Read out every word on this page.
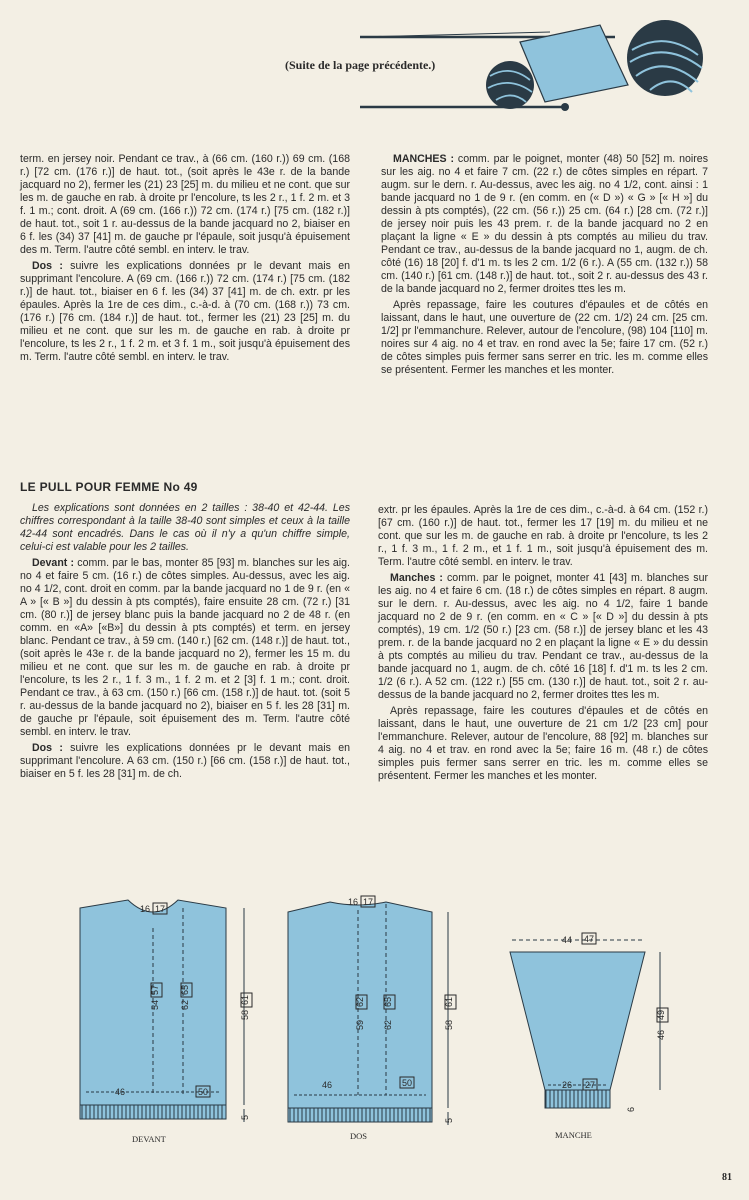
(Suite de la page précédente.)

term. en jersey noir. Pendant ce trav., à (66 cm. (160 r.)) 69 cm. (168 r.) [72 cm. (176 r.)] de haut. tot., (soit après le 43e r. de la bande jacquard no 2), fermer les (21) 23 [25] m. du milieu et ne cont. que sur les m. de gauche en rab. à droite pr l'encolure, ts les 2 r., 1 f. 2 m. et 3 f. 1 m.; cont. droit. A (69 cm. (166 r.)) 72 cm. (174 r.) [75 cm. (182 r.)] de haut. tot., soit 1 r. au-dessus de la bande jacquard no 2, biaiser en 6 f. les (34) 37 [41] m. de gauche pr l'épaule, soit jusqu'à épuisement des m. Term. l'autre côté sembl. en interv. le trav.

Dos : suivre les explications données pr le devant mais en supprimant l'encolure. A (69 cm. (166 r.)) 72 cm. (174 r.) [75 cm. (182 r.)] de haut. tot., biaiser en 6 f. les (34) 37 [41] m. de ch. extr. pr les épaules. Après la 1re de ces dim., c.-à-d. à (70 cm. (168 r.)) 73 cm. (176 r.) [76 cm. (184 r.)] de haut. tot., fermer les (21) 23 [25] m. du milieu et ne cont. que sur les m. de gauche en rab. à droite pr l'encolure, ts les 2 r., 1 f. 2 m. et 3 f. 1 m., soit jusqu'à épuisement des m. Term. l'autre côté sembl. en interv. le trav.

MANCHES : comm. par le poignet, monter (48) 50 [52] m. noires sur les aig. no 4 et faire 7 cm. (22 r.) de côtes simples en répart. 7 augm. sur le dern. r. Au-dessus, avec les aig. no 4 1/2, cont. ainsi : 1 bande jacquard no 1 de 9 r. (en comm. en (« D ») « G » [« H »] du dessin à pts comptés), (22 cm. (56 r.)) 25 cm. (64 r.) [28 cm. (72 r.)] de jersey noir puis les 43 prem. r. de la bande jacquard no 2 en plaçant la ligne « E » du dessin à pts comptés au milieu du trav. Pendant ce trav., au-dessus de la bande jacquard no 1, augm. de ch. côté (16) 18 [20] f. d'1 m. ts les 2 cm. 1/2 (6 r.). A (55 cm. (132 r.)) 58 cm. (140 r.) [61 cm. (148 r.)] de haut. tot., soit 2 r. au-dessus des 43 r. de la bande jacquard no 2, fermer droites ttes les m.

Après repassage, faire les coutures d'épaules et de côtés en laissant, dans le haut, une ouverture de (22 cm. 1/2) 24 cm. [25 cm. 1/2] pr l'emmanchure. Relever, autour de l'encolure, (98) 104 [110] m. noires sur 4 aig. no 4 et trav. en rond avec la 5e; faire 17 cm. (52 r.) de côtes simples puis fermer sans serrer en tric. les m. comme elles se présentent. Fermer les manches et les monter.

LE PULL POUR FEMME No 49

Les explications sont données en 2 tailles : 38-40 et 42-44. Les chiffres correspondant à la taille 38-40 sont simples et ceux à la taille 42-44 sont encadrés. Dans le cas où il n'y a qu'un chiffre simple, celui-ci est valable pour les 2 tailles.

Devant : comm. par le bas, monter 85 [93] m. blanches sur les aig. no 4 et faire 5 cm. (16 r.) de côtes simples. Au-dessus, avec les aig. no 4 1/2, cont. droit en comm. par la bande jacquard no 1 de 9 r. (en « A » [« B »] du dessin à pts comptés), faire ensuite 28 cm. (72 r.) [31 cm. (80 r.)] de jersey blanc puis la bande jacquard no 2 de 48 r. (en comm. en «A» [«B»] du dessin à pts comptés) et term. en jersey blanc. Pendant ce trav., à 59 cm. (140 r.) [62 cm. (148 r.)] de haut. tot., (soit après le 43e r. de la bande jacquard no 2), fermer les 15 m. du milieu et ne cont. que sur les m. de gauche en rab. à droite pr l'encolure, ts les 2 r., 1 f. 3 m., 1 f. 2 m. et 2 [3] f. 1 m.; cont. droit. Pendant ce trav., à 63 cm. (150 r.) [66 cm. (158 r.)] de haut. tot. (soit 5 r. au-dessus de la bande jacquard no 2), biaiser en 5 f. les 28 [31] m. de gauche pr l'épaule, soit épuisement des m. Term. l'autre côté sembl. en interv. le trav.

Dos : suivre les explications données pr le devant mais en supprimant l'encolure. A 63 cm. (150 r.) [66 cm. (158 r.)] de haut. tot., biaiser en 5 f. les 28 [31] m. de ch.

extr. pr les épaules. Après la 1re de ces dim., c.-à-d. à 64 cm. (152 r.) [67 cm. (160 r.)] de haut. tot., fermer les 17 [19] m. du milieu et ne cont. que sur les m. de gauche en rab. à droite pr l'encolure, ts les 2 r., 1 f. 3 m., 1 f. 2 m., et 1 f. 1 m., soit jusqu'à épuisement des m. Term. l'autre côté sembl. en interv. le trav.

Manches : comm. par le poignet, monter 41 [43] m. blanches sur les aig. no 4 et faire 6 cm. (18 r.) de côtes simples en répart. 8 augm. sur le dern. r. Au-dessus, avec les aig. no 4 1/2, faire 1 bande jacquard no 2 de 9 r. (en comm. en « C » [« D »] du dessin à pts comptés), 19 cm. 1/2 (50 r.) [23 cm. (58 r.)] de jersey blanc et les 43 prem. r. de la bande jacquard no 2 en plaçant la ligne « E » du dessin à pts comptés au milieu du trav. Pendant ce trav., au-dessus de la bande jacquard no 1, augm. de ch. côté 16 [18] f. d'1 m. ts les 2 cm. 1/2 (6 r.). A 52 cm. (122 r.) [55 cm. (130 r.)] de haut. tot., soit 2 r. au-dessus de la bande jacquard no 2, fermer droites ttes les m.

Après repassage, faire les coutures d'épaules et de côtés en laissant, dans le haut, une ouverture de 21 cm 1/2 [23 cm] pour l'emmanchure. Relever, autour de l'encolure, 88 [92] m. blanches sur 4 aig. no 4 et trav. en rond avec la 5e; faire 16 m. (48 r.) de côtes simples puis fermer sans serrer en tric. les m. comme elles se présentent. Fermer les manches et les monter.

16 17
54
57
62
65
58
61
46	50
5
DEVANT
16 17
59
62
62
65
58
61
46	50
5
DOS
44 47
46
49
26 27
6
MANCHE
81
